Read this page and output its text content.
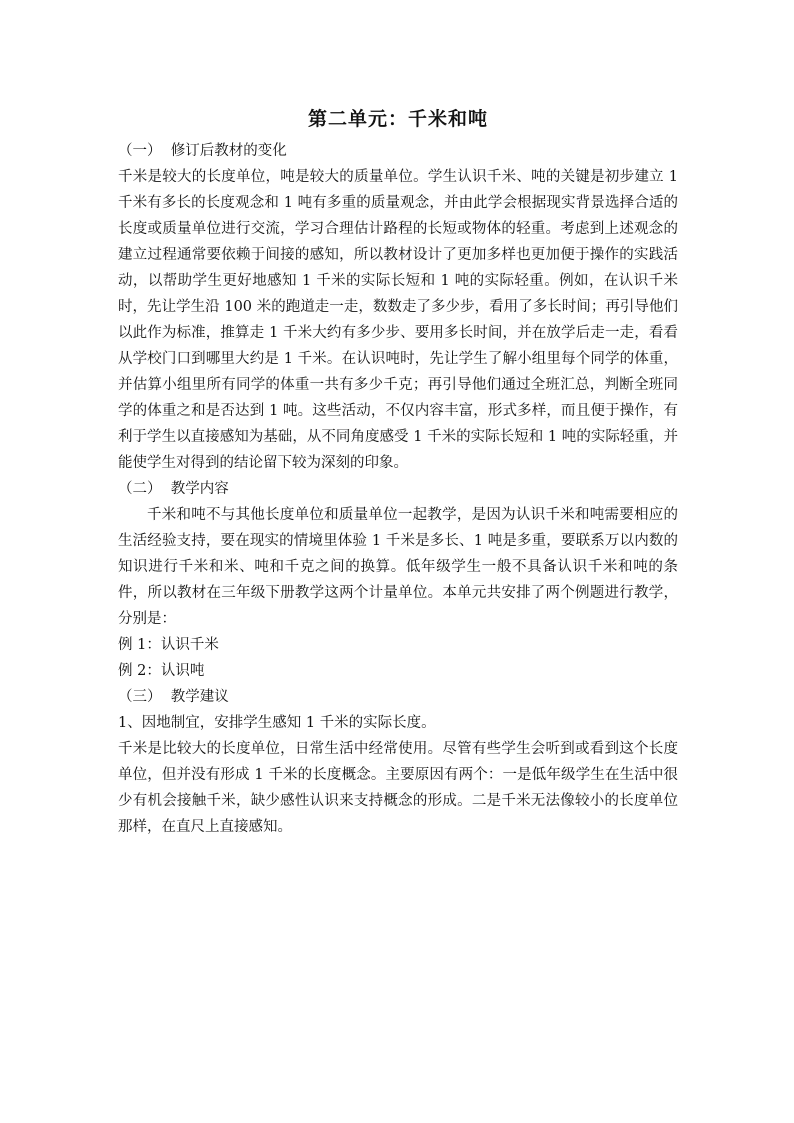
第二单元：千米和吨

（一）  修订后教材的变化

千米是较大的长度单位，吨是较大的质量单位。学生认识千米、吨的关键是初步建立 1 千米有多长的长度观念和 1 吨有多重的质量观念，并由此学会根据现实背景选择合适的长度或质量单位进行交流，学习合理估计路程的长短或物体的轻重。考虑到上述观念的建立过程通常要依赖于间接的感知，所以教材设计了更加多样也更加便于操作的实践活动，以帮助学生更好地感知 1 千米的实际长短和 1 吨的实际轻重。例如，在认识千米时，先让学生沿 100 米的跑道走一走，数数走了多少步，看用了多长时间；再引导他们以此作为标准，推算走 1 千米大约有多少步、要用多长时间，并在放学后走一走，看看从学校门口到哪里大约是 1 千米。在认识吨时，先让学生了解小组里每个同学的体重，并估算小组里所有同学的体重一共有多少千克；再引导他们通过全班汇总，判断全班同学的体重之和是否达到 1 吨。这些活动，不仅内容丰富，形式多样，而且便于操作，有利于学生以直接感知为基础，从不同角度感受 1 千米的实际长短和 1 吨的实际轻重，并能使学生对得到的结论留下较为深刻的印象。

（二）  教学内容

千米和吨不与其他长度单位和质量单位一起教学，是因为认识千米和吨需要相应的生活经验支持，要在现实的情境里体验 1 千米是多长、1 吨是多重，要联系万以内数的知识进行千米和米、吨和千克之间的换算。低年级学生一般不具备认识千米和吨的条件，所以教材在三年级下册教学这两个计量单位。本单元共安排了两个例题进行教学，分别是：

例 1：认识千米

例 2：认识吨

（三）  教学建议

1、因地制宜，安排学生感知 1 千米的实际长度。

千米是比较大的长度单位，日常生活中经常使用。尽管有些学生会听到或看到这个长度单位，但并没有形成 1 千米的长度概念。主要原因有两个：一是低年级学生在生活中很少有机会接触千米，缺少感性认识来支持概念的形成。二是千米无法像较小的长度单位那样，在直尺上直接感知。
